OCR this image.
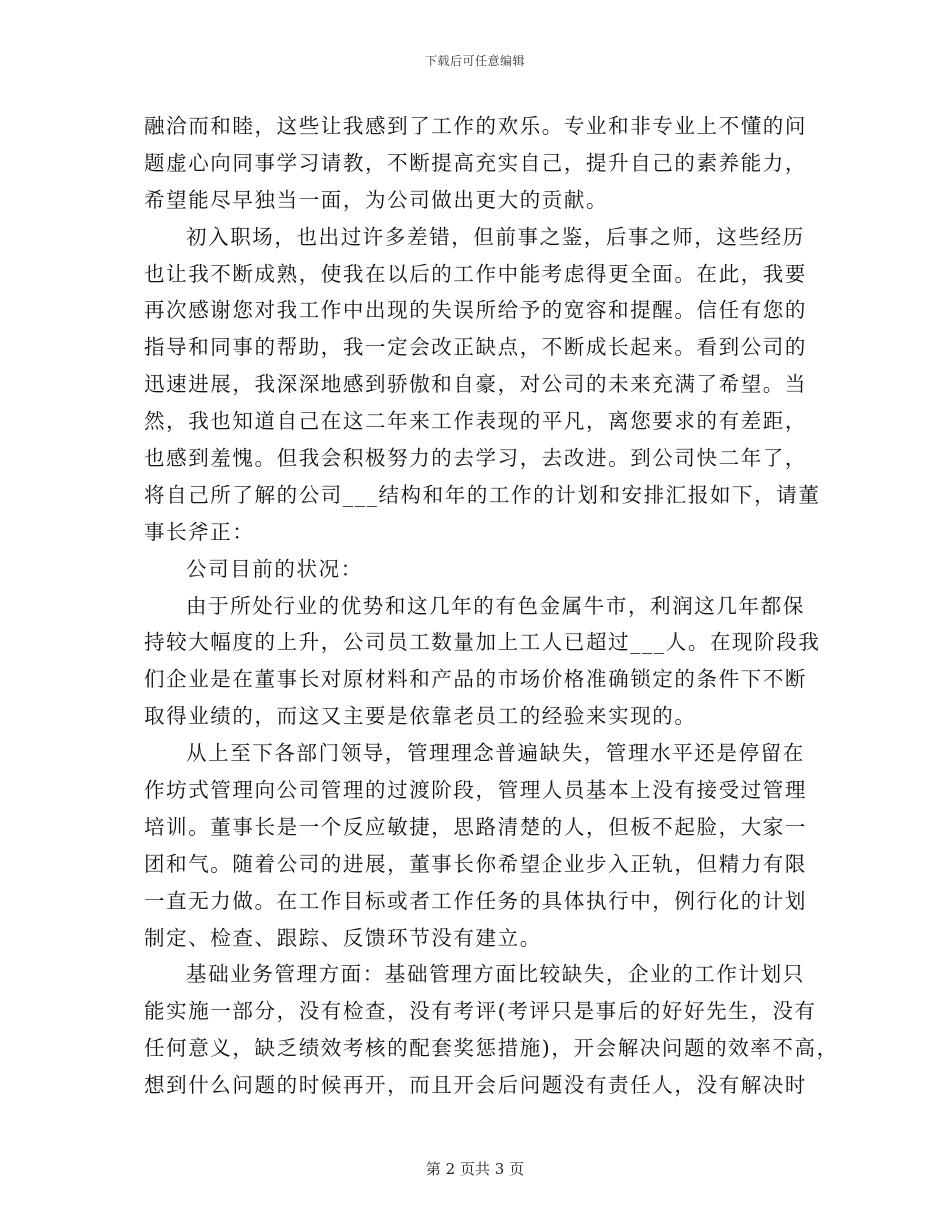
下载后可任意编辑
融洽而和睦，这些让我感到了工作的欢乐。专业和非专业上不懂的问
题虚心向同事学习请教，不断提高充实自己，提升自己的素养能力，
希望能尽早独当一面，为公司做出更大的贡献。
初入职场，也出过许多差错，但前事之鉴，后事之师，这些经历
也让我不断成熟，使我在以后的工作中能考虑得更全面。在此，我要
再次感谢您对我工作中出现的失误所给予的宽容和提醒。信任有您的
指导和同事的帮助，我一定会改正缺点，不断成长起来。看到公司的
迅速进展，我深深地感到骄傲和自豪，对公司的未来充满了希望。当
然，我也知道自己在这二年来工作表现的平凡，离您要求的有差距，
也感到羞愧。但我会积极努力的去学习，去改进。到公司快二年了，
将自己所了解的公司___结构和年的工作的计划和安排汇报如下，请董
事长斧正：
公司目前的状况：
由于所处行业的优势和这几年的有色金属牛市，利润这几年都保
持较大幅度的上升，公司员工数量加上工人已超过___人。在现阶段我
们企业是在董事长对原材料和产品的市场价格准确锁定的条件下不断
取得业绩的，而这又主要是依靠老员工的经验来实现的。
从上至下各部门领导，管理理念普遍缺失，管理水平还是停留在
作坊式管理向公司管理的过渡阶段，管理人员基本上没有接受过管理
培训。董事长是一个反应敏捷，思路清楚的人，但板不起脸，大家一
团和气。随着公司的进展，董事长你希望企业步入正轨，但精力有限
一直无力做。在工作目标或者工作任务的具体执行中，例行化的计划
制定、检查、跟踪、反馈环节没有建立。
基础业务管理方面：基础管理方面比较缺失，企业的工作计划只
能实施一部分，没有检查，没有考评(考评只是事后的好好先生，没有
任何意义，缺乏绩效考核的配套奖惩措施)，开会解决问题的效率不高，
想到什么问题的时候再开，而且开会后问题没有责任人，没有解决时
第 2 页共 3 页
